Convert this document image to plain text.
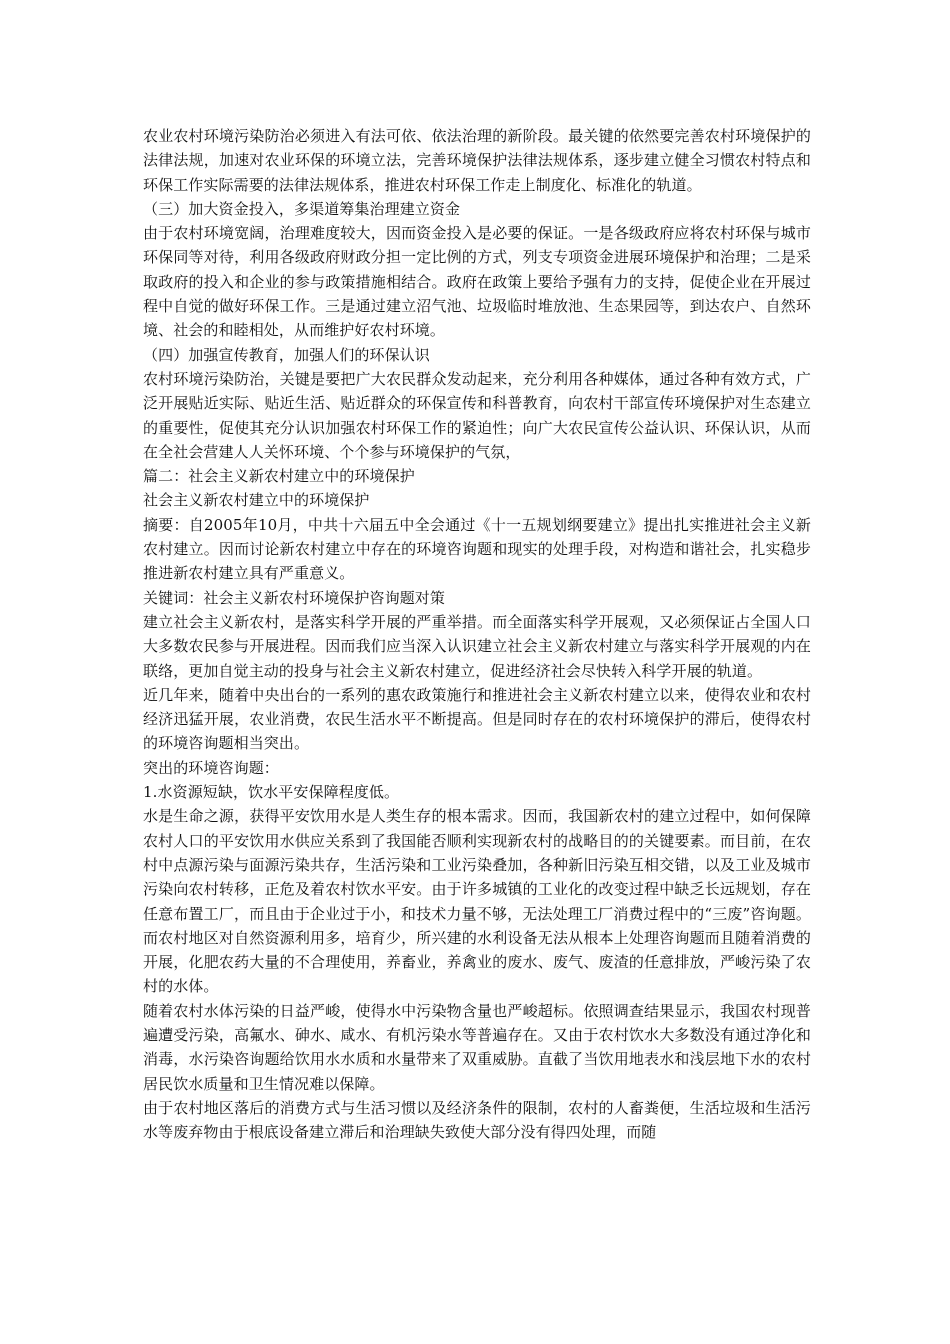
农业农村环境污染防治必须进入有法可依、依法治理的新阶段。最关键的依然要完善农村环境保护的法律法规，加速对农业环保的环境立法，完善环境保护法律法规体系，逐步建立健全习惯农村特点和环保工作实际需要的法律法规体系，推进农村环保工作走上制度化、标准化的轨道。

（三）加大资金投入，多渠道筹集治理建立资金

由于农村环境宽阔，治理难度较大，因而资金投入是必要的保证。一是各级政府应将农村环保与城市环保同等对待，利用各级政府财政分担一定比例的方式，列支专项资金进展环境保护和治理；二是采取政府的投入和企业的参与政策措施相结合。政府在政策上要给予强有力的支持，促使企业在开展过程中自觉的做好环保工作。三是通过建立沼气池、垃圾临时堆放池、生态果园等，到达农户、自然环境、社会的和睦相处，从而维护好农村环境。

（四）加强宣传教育，加强人们的环保认识

农村环境污染防治，关键是要把广大农民群众发动起来，充分利用各种媒体，通过各种有效方式，广泛开展贴近实际、贴近生活、贴近群众的环保宣传和科普教育，向农村干部宣传环境保护对生态建立的重要性，促使其充分认识加强农村环保工作的紧迫性；向广大农民宣传公益认识、环保认识，从而在全社会营建人人关怀环境、个个参与环境保护的气氛，

篇二：社会主义新农村建立中的环境保护

社会主义新农村建立中的环境保护

摘要：自2005年10月，中共十六届五中全会通过《十一五规划纲要建立》提出扎实推进社会主义新农村建立。因而讨论新农村建立中存在的环境咨询题和现实的处理手段，对构造和谐社会，扎实稳步推进新农村建立具有严重意义。

关键词：社会主义新农村环境保护咨询题对策

建立社会主义新农村，是落实科学开展的严重举措。而全面落实科学开展观，又必须保证占全国人口大多数农民参与开展进程。因而我们应当深入认识建立社会主义新农村建立与落实科学开展观的内在联络，更加自觉主动的投身与社会主义新农村建立，促进经济社会尽快转入科学开展的轨道。

近几年来，随着中央出台的一系列的惠农政策施行和推进社会主义新农村建立以来，使得农业和农村经济迅猛开展，农业消费，农民生活水平不断提高。但是同时存在的农村环境保护的滞后，使得农村的环境咨询题相当突出。

突出的环境咨询题：

1.水资源短缺，饮水平安保障程度低。

水是生命之源，获得平安饮用水是人类生存的根本需求。因而，我国新农村的建立过程中，如何保障农村人口的平安饮用水供应关系到了我国能否顺利实现新农村的战略目的的关键要素。而目前，在农村中点源污染与面源污染共存，生活污染和工业污染叠加，各种新旧污染互相交错，以及工业及城市污染向农村转移，正危及着农村饮水平安。由于许多城镇的工业化的改变过程中缺乏长远规划，存在任意布置工厂，而且由于企业过于小，和技术力量不够，无法处理工厂消费过程中的“三废”咨询题。而农村地区对自然资源利用多，培育少，所兴建的水利设备无法从根本上处理咨询题而且随着消费的开展，化肥农药大量的不合理使用，养畜业，养禽业的废水、废气、废渣的任意排放，严峻污染了农村的水体。

随着农村水体污染的日益严峻，使得水中污染物含量也严峻超标。依照调查结果显示，我国农村现普遍遭受污染，高氟水、砷水、咸水、有机污染水等普遍存在。又由于农村饮水大多数没有通过净化和消毒，水污染咨询题给饮用水水质和水量带来了双重威胁。直截了当饮用地表水和浅层地下水的农村居民饮水质量和卫生情况难以保障。

由于农村地区落后的消费方式与生活习惯以及经济条件的限制，农村的人畜粪便，生活垃圾和生活污水等废弃物由于根底设备建立滞后和治理缺失致使大部分没有得四处理，而随
